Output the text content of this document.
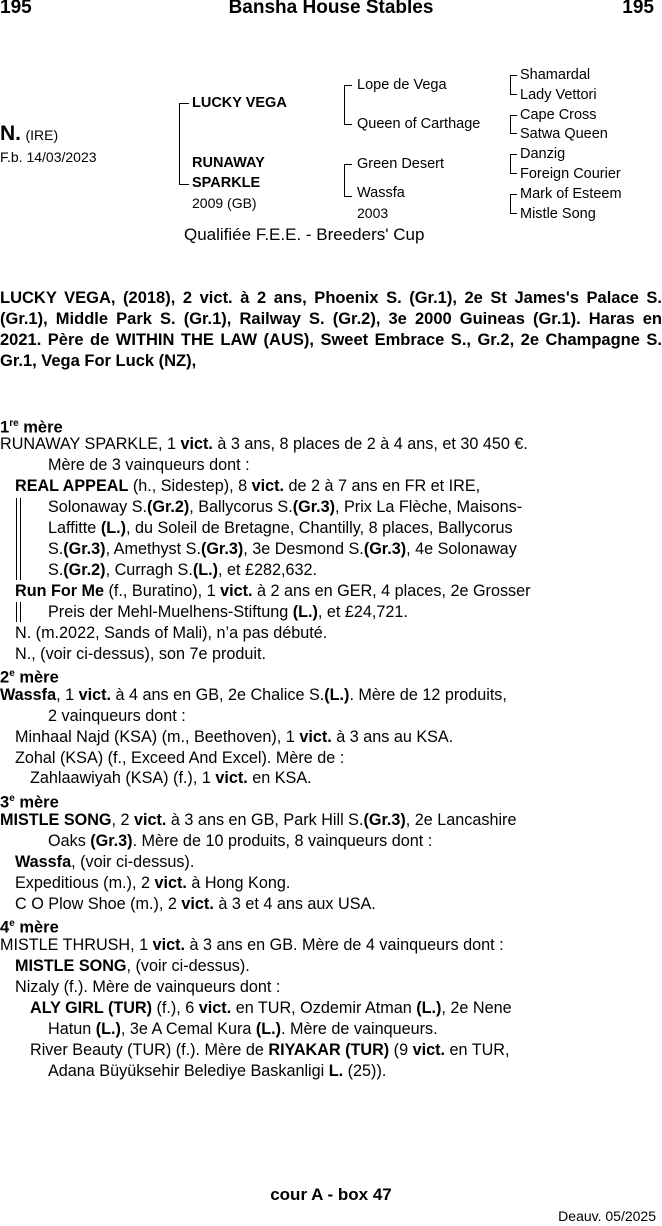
195	Bansha House Stables	195
N. (IRE)
F.b. 14/03/2023
LUCKY VEGA
RUNAWAY
SPARKLE
2009 (GB)
Lope de Vega
Queen of Carthage
Green Desert
Wassfa
2003
Shamardal
Lady Vettori
Cape Cross
Satwa Queen
Danzig
Foreign Courier
Mark of Esteem
Mistle Song
Qualifiée F.E.E. - Breeders' Cup
LUCKY VEGA, (2018), 2 vict. à 2 ans, Phoenix S. (Gr.1), 2e St James's Palace S. (Gr.1), Middle Park S. (Gr.1), Railway S. (Gr.2), 3e 2000 Guineas (Gr.1). Haras en 2021. Père de WITHIN THE LAW (AUS), Sweet Embrace S., Gr.2, 2e Champagne S. Gr.1, Vega For Luck (NZ),
1re mère
2e mère
3e mère
4e mère
RUNAWAY SPARKLE, 1 vict. à 3 ans, 8 places de 2 à 4 ans, et 30 450 €.
Mère de 3 vainqueurs dont :
REAL APPEAL (h., Sidestep), 8 vict. de 2 à 7 ans en FR et IRE,
Solonaway S.(Gr.2), Ballycorus S.(Gr.3), Prix La Flèche, Maisons-
Laffitte (L.), du Soleil de Bretagne, Chantilly, 8 places, Ballycorus
S.(Gr.3), Amethyst S.(Gr.3), 3e Desmond S.(Gr.3), 4e Solonaway
S.(Gr.2), Curragh S.(L.), et £282,632.
Run For Me (f., Buratino), 1 vict. à 2 ans en GER, 4 places, 2e Grosser
Preis der Mehl-Muelhens-Stiftung (L.), et £24,721.
N. (m.2022, Sands of Mali), n’a pas débuté.
N., (voir ci-dessus), son 7e produit.
Wassfa, 1 vict. à 4 ans en GB, 2e Chalice S.(L.). Mère de 12 produits,
2 vainqueurs dont :
Minhaal Najd (KSA) (m., Beethoven), 1 vict. à 3 ans au KSA.
Zohal (KSA) (f., Exceed And Excel). Mère de :
Zahlaawiyah (KSA) (f.), 1 vict. en KSA.
MISTLE SONG, 2 vict. à 3 ans en GB, Park Hill S.(Gr.3), 2e Lancashire
Oaks (Gr.3). Mère de 10 produits, 8 vainqueurs dont :
Wassfa, (voir ci-dessus).
Expeditious (m.), 2 vict. à Hong Kong.
C O Plow Shoe (m.), 2 vict. à 3 et 4 ans aux USA.
MISTLE THRUSH, 1 vict. à 3 ans en GB. Mère de 4 vainqueurs dont :
MISTLE SONG, (voir ci-dessus).
Nizaly (f.). Mère de vainqueurs dont :
ALY GIRL (TUR) (f.), 6 vict. en TUR, Ozdemir Atman (L.), 2e Nene
Hatun (L.), 3e A Cemal Kura (L.). Mère de vainqueurs.
River Beauty (TUR) (f.). Mère de RIYAKAR (TUR) (9 vict. en TUR,
Adana Büyüksehir Belediye Baskanligi L. (25)).
cour A - box 47
Deauv. 05/2025
